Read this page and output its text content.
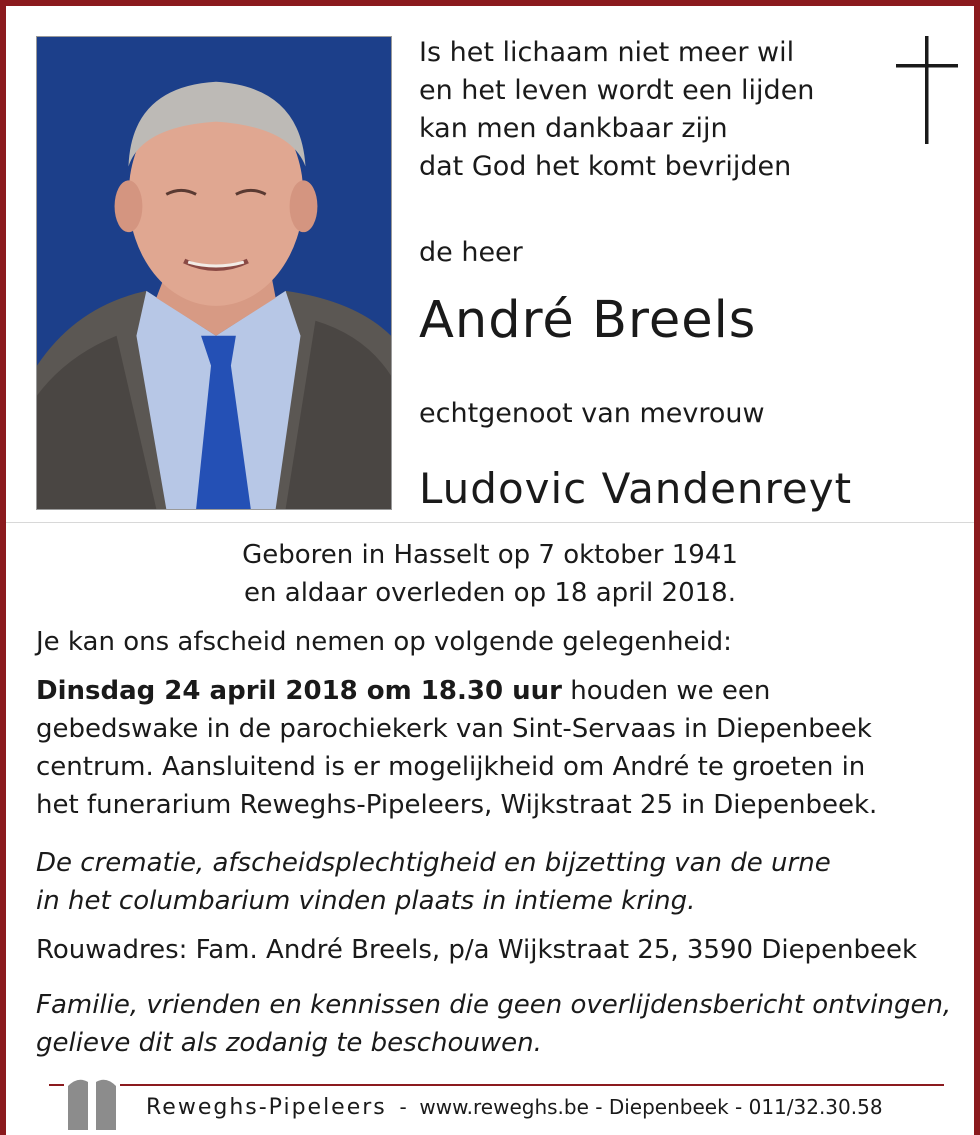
Is het lichaam niet meer wil
en het leven wordt een lijden
kan men dankbaar zijn
dat God het komt bevrijden
de heer
André Breels
echtgenoot van mevrouw
Ludovic Vandenreyt
Geboren in Hasselt op 7 oktober 1941
en aldaar overleden op 18 april 2018.
Je kan ons afscheid nemen op volgende gelegenheid:
Dinsdag 24 april 2018 om 18.30 uur houden we een
gebedswake in de parochiekerk van Sint-Servaas in Diepenbeek
centrum. Aansluitend is er mogelijkheid om André te groeten in
het funerarium Reweghs-Pipeleers, Wijkstraat 25 in Diepenbeek.
De crematie, afscheidsplechtigheid en bijzetting van de urne
in het columbarium vinden plaats in intieme kring.
Rouwadres: Fam. André Breels, p/a Wijkstraat 25, 3590 Diepenbeek
Familie, vrienden en kennissen die geen overlijdensbericht ontvingen,
gelieve dit als zodanig te beschouwen.
Reweghs-Pipeleers  -  www.reweghs.be - Diepenbeek - 011/32.30.58
